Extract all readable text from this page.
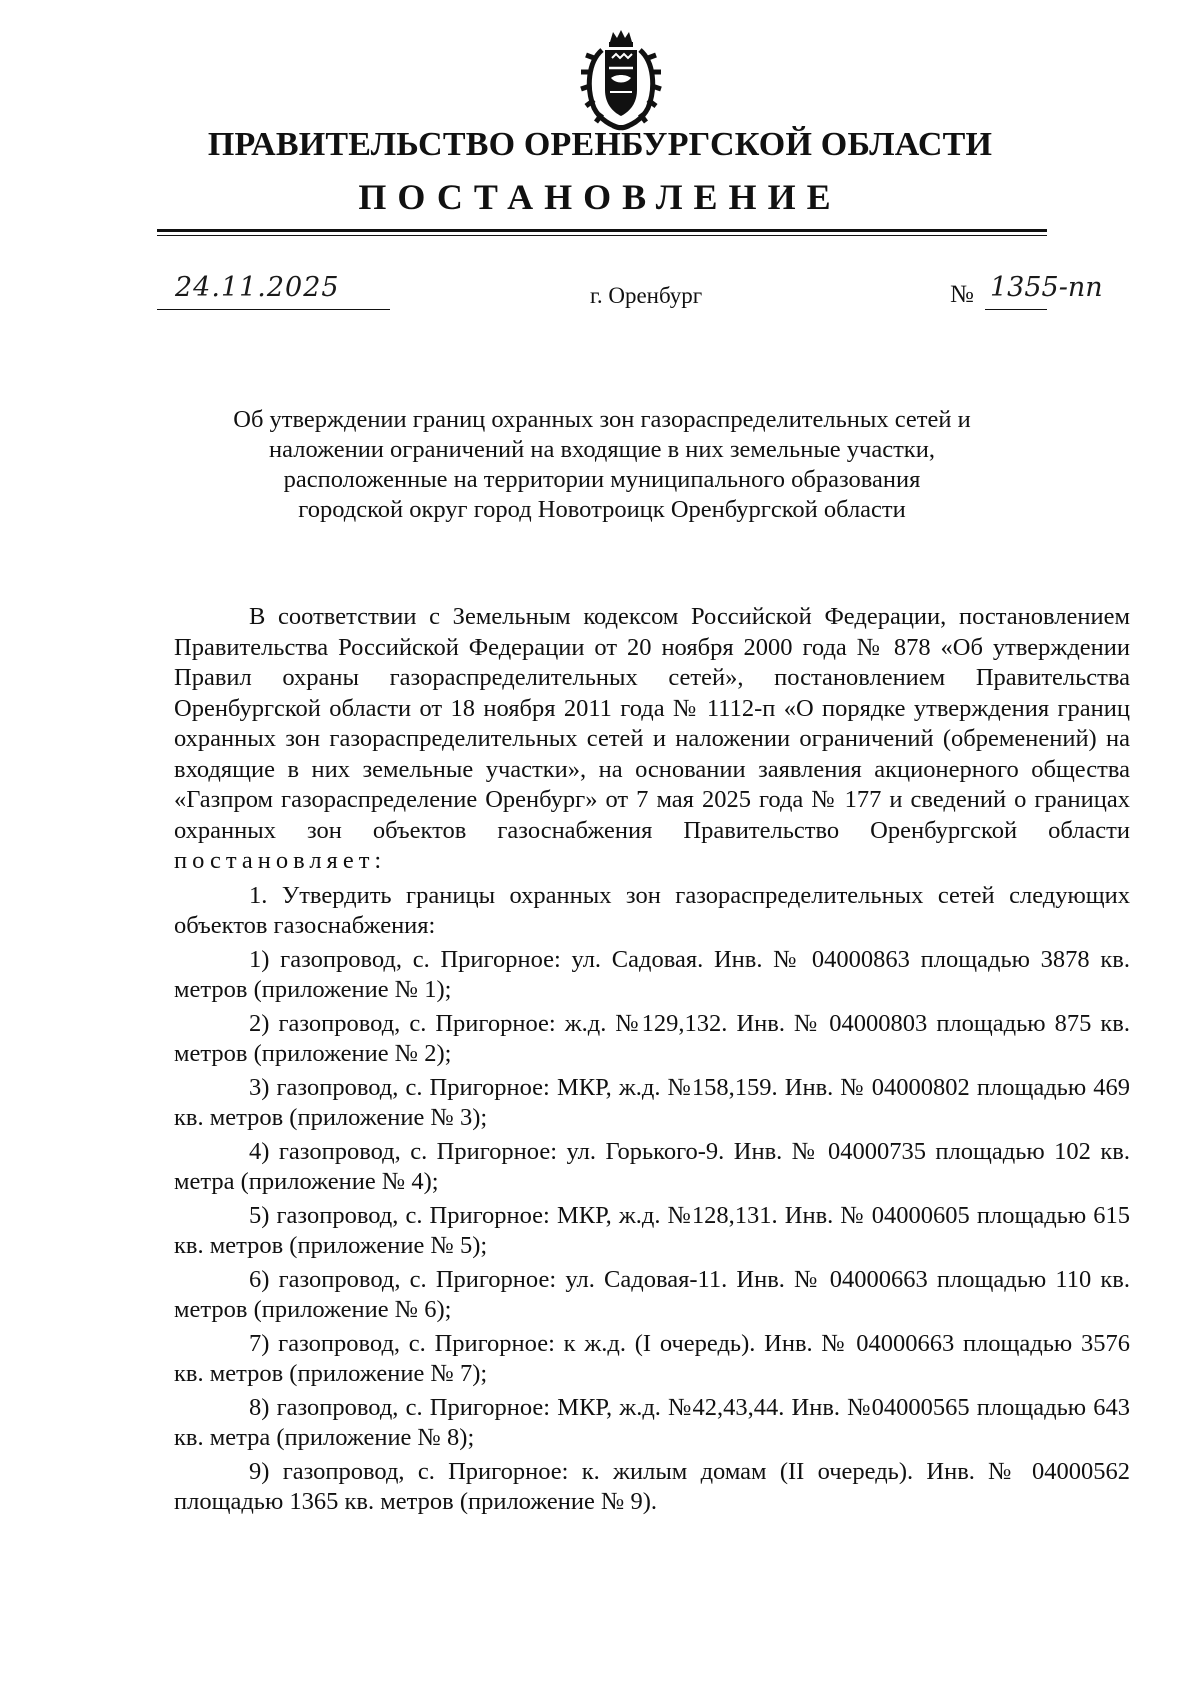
ПРАВИТЕЛЬСТВО ОРЕНБУРГСКОЙ ОБЛАСТИ
ПОСТАНОВЛЕНИЕ
24.11.2025	г. Оренбург	№ 1355-пп
Об утверждении границ охранных зон газораспределительных сетей и
наложении ограничений на входящие в них земельные участки,
расположенные на территории муниципального образования
городской округ город Новотроицк Оренбургской области

В соответствии с Земельным кодексом Российской Федерации, постановлением Правительства Российской Федерации от 20 ноября 2000 года № 878 «Об утверждении Правил охраны газораспределительных сетей», постановлением Правительства Оренбургской области от 18 ноября 2011 года № 1112-п «О порядке утверждения границ охранных зон газораспределительных сетей и наложении ограничений (обременений) на входящие в них земельные участки», на основании заявления акционерного общества «Газпром газораспределение Оренбург» от 7 мая 2025 года № 177 и сведений о границах охранных зон объектов газоснабжения Правительство Оренбургской области постановляет:

1. Утвердить границы охранных зон газораспределительных сетей следующих объектов газоснабжения:

1) газопровод, с. Пригорное: ул. Садовая. Инв. № 04000863 площадью 3878 кв. метров (приложение № 1);

2) газопровод, с. Пригорное: ж.д. №129,132. Инв. № 04000803 площадью 875 кв. метров (приложение № 2);

3) газопровод, с. Пригорное: МКР, ж.д. №158,159. Инв. № 04000802 площадью 469 кв. метров (приложение № 3);

4) газопровод, с. Пригорное: ул. Горького-9. Инв. № 04000735 площадью 102 кв. метра (приложение № 4);

5) газопровод, с. Пригорное: МКР, ж.д. №128,131. Инв. № 04000605 площадью 615 кв. метров (приложение № 5);

6) газопровод, с. Пригорное: ул. Садовая-11. Инв. № 04000663 площадью 110 кв. метров (приложение № 6);

7) газопровод, с. Пригорное: к ж.д. (I очередь). Инв. № 04000663 площадью 3576 кв. метров (приложение № 7);

8) газопровод, с. Пригорное: МКР, ж.д. №42,43,44. Инв. №04000565 площадью 643 кв. метра (приложение № 8);

9) газопровод, с. Пригорное: к. жилым домам (II очередь). Инв. № 04000562 площадью 1365 кв. метров (приложение № 9).
